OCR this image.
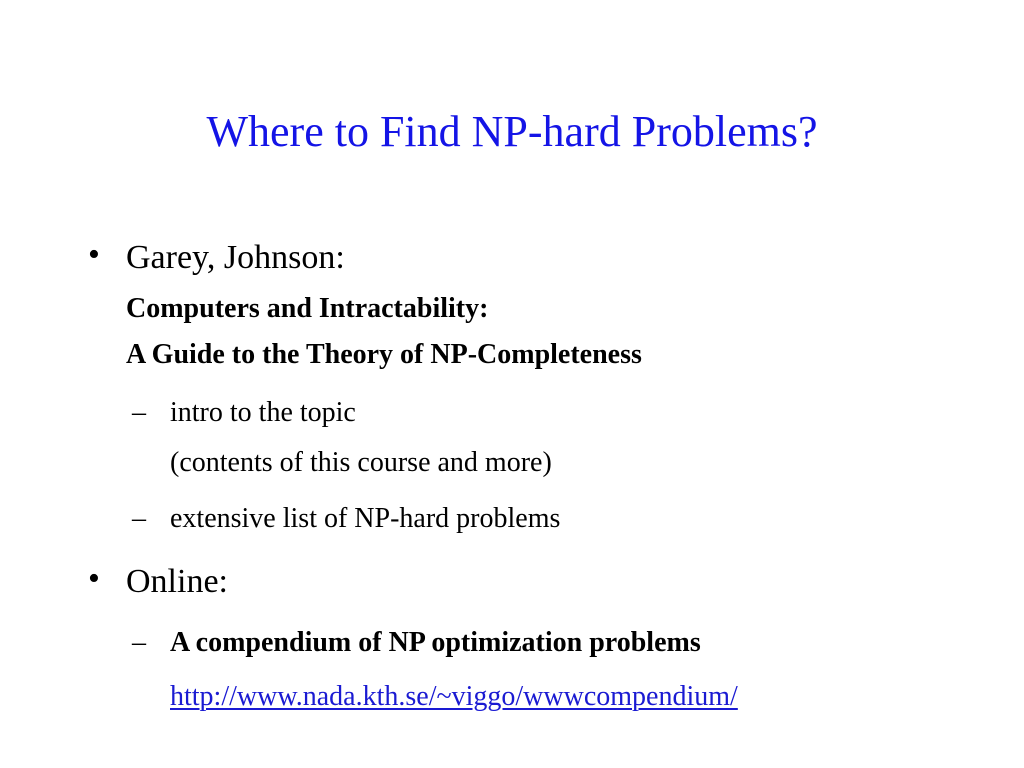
Where to Find NP-hard Problems?
• Garey, Johnson:
Computers and Intractability:
A Guide to the Theory of NP-Completeness
– intro to the topic
(contents of this course and more)
– extensive list of NP-hard problems
• Online:
– A compendium of NP optimization problems
http://www.nada.kth.se/~viggo/wwwcompendium/
